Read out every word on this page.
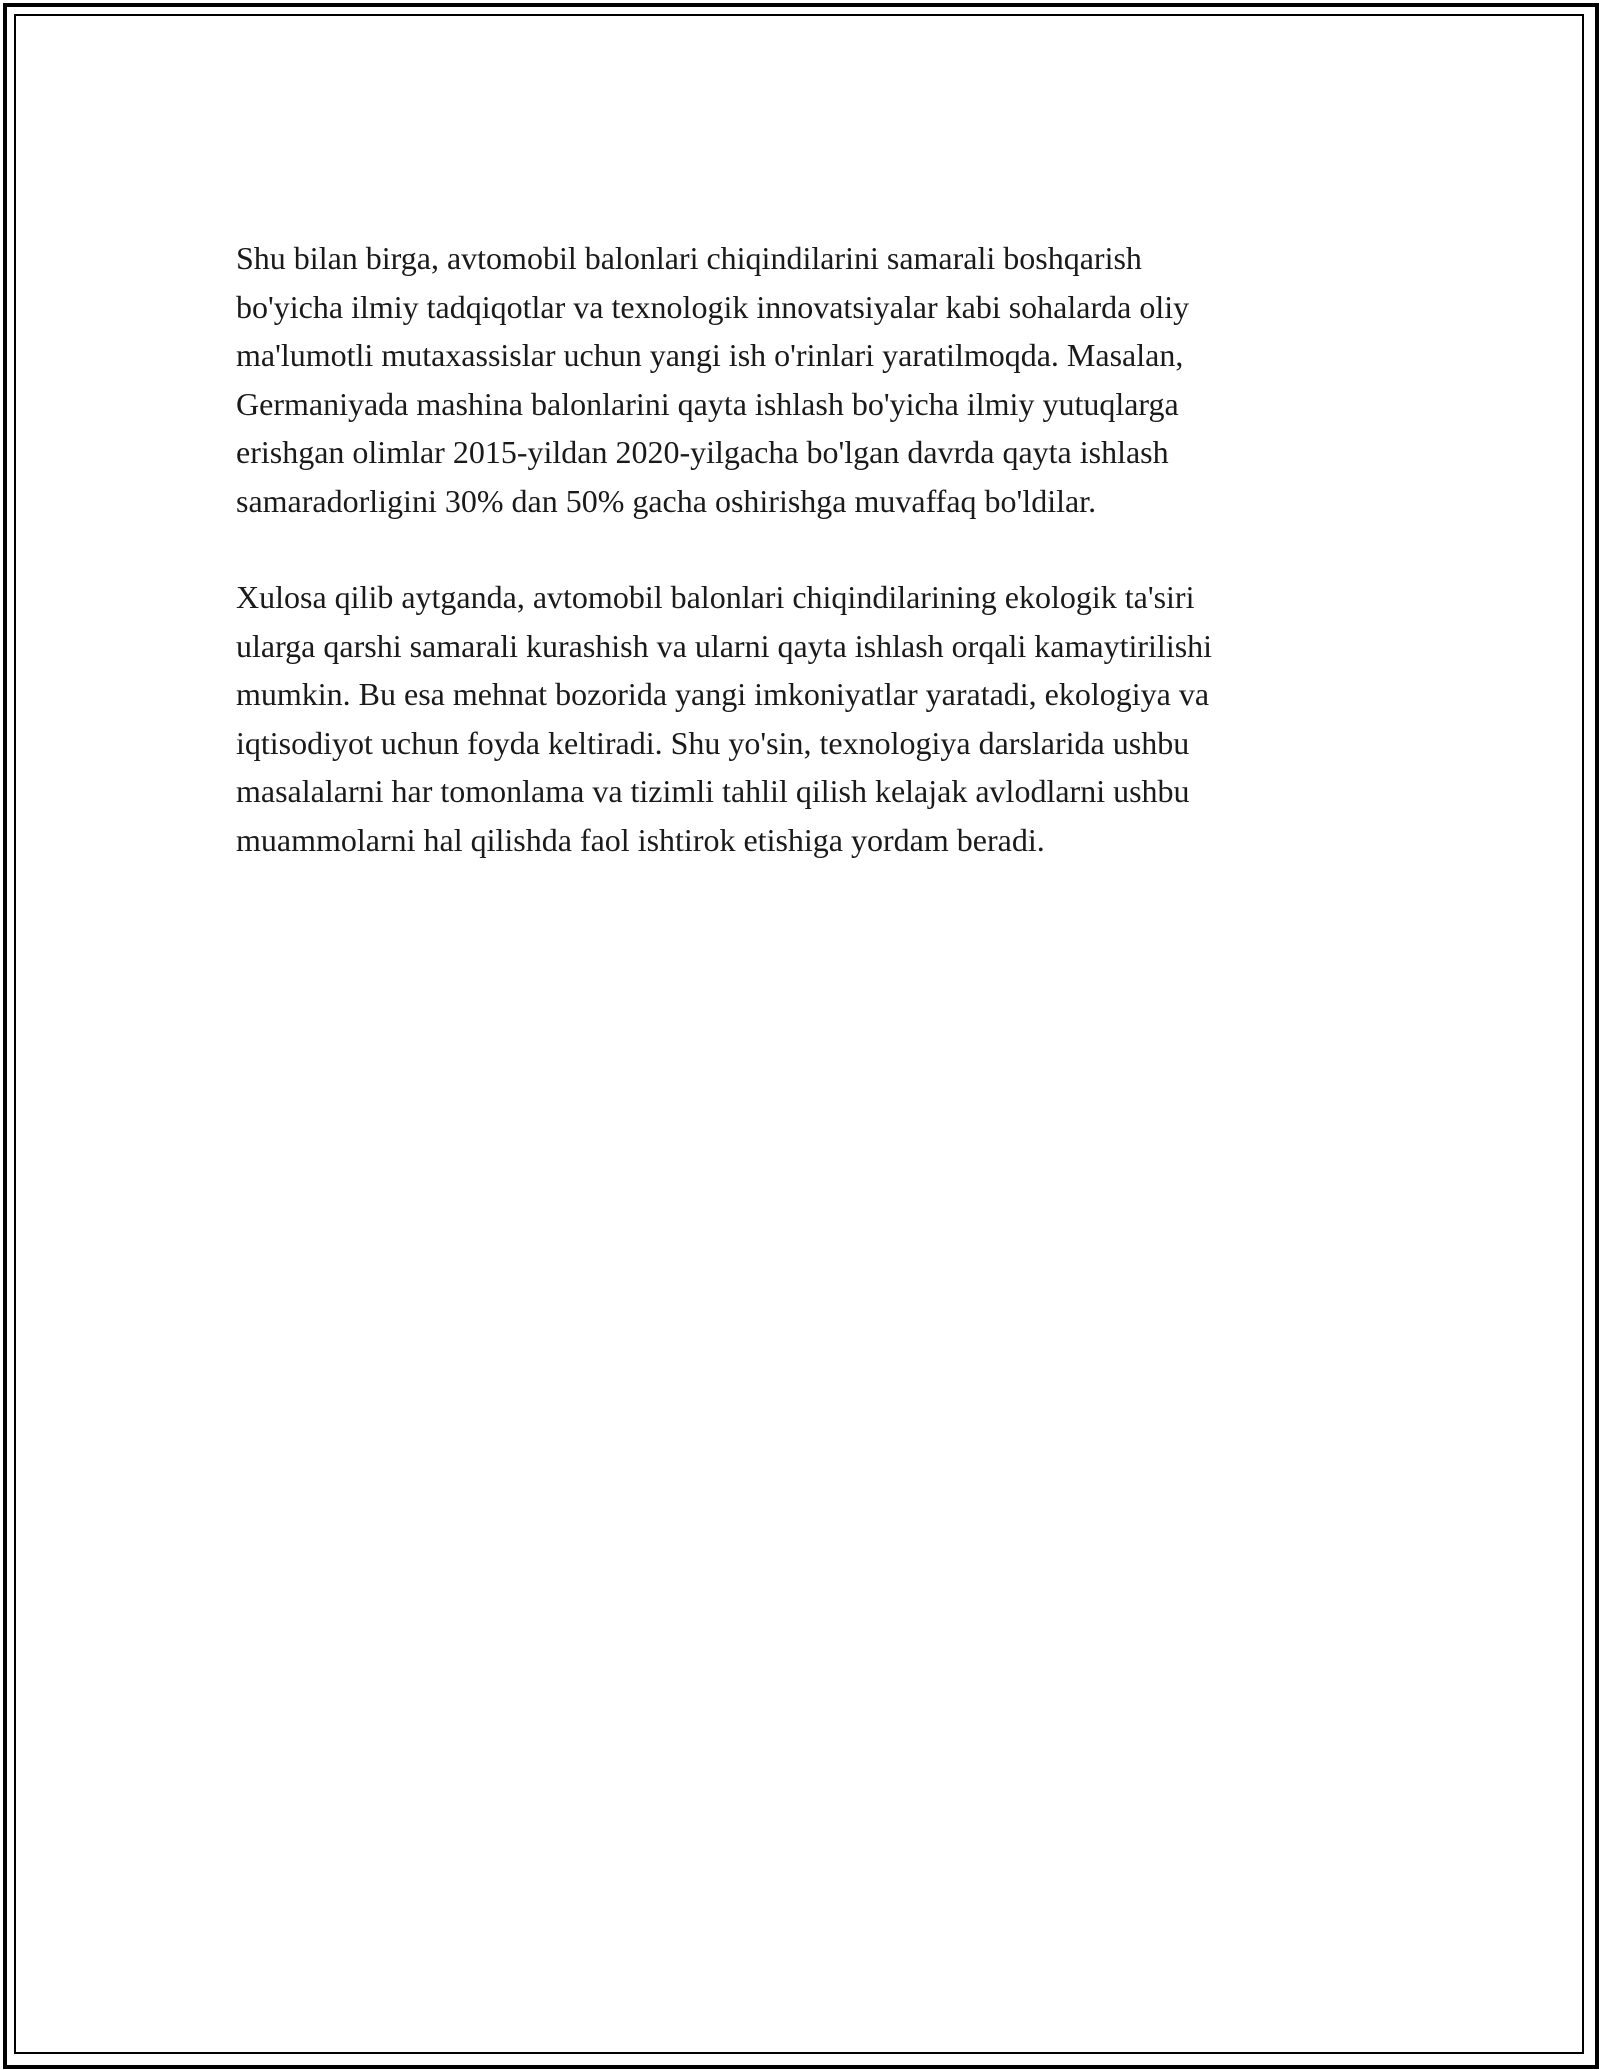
Shu bilan birga, avtomobil balonlari chiqindilarini samarali boshqarish
bo'yicha ilmiy tadqiqotlar va texnologik innovatsiyalar kabi sohalarda oliy
ma'lumotli mutaxassislar uchun yangi ish o'rinlari yaratilmoqda. Masalan,
Germaniyada mashina balonlarini qayta ishlash bo'yicha ilmiy yutuqlarga
erishgan olimlar 2015-yildan 2020-yilgacha bo'lgan davrda qayta ishlash
samaradorligini 30% dan 50% gacha oshirishga muvaffaq bo'ldilar.

Xulosa qilib aytganda, avtomobil balonlari chiqindilarining ekologik ta'siri
ularga qarshi samarali kurashish va ularni qayta ishlash orqali kamaytirilishi
mumkin. Bu esa mehnat bozorida yangi imkoniyatlar yaratadi, ekologiya va
iqtisodiyot uchun foyda keltiradi. Shu yo'sin, texnologiya darslarida ushbu
masalalarni har tomonlama va tizimli tahlil qilish kelajak avlodlarni ushbu
muammolarni hal qilishda faol ishtirok etishiga yordam beradi.
